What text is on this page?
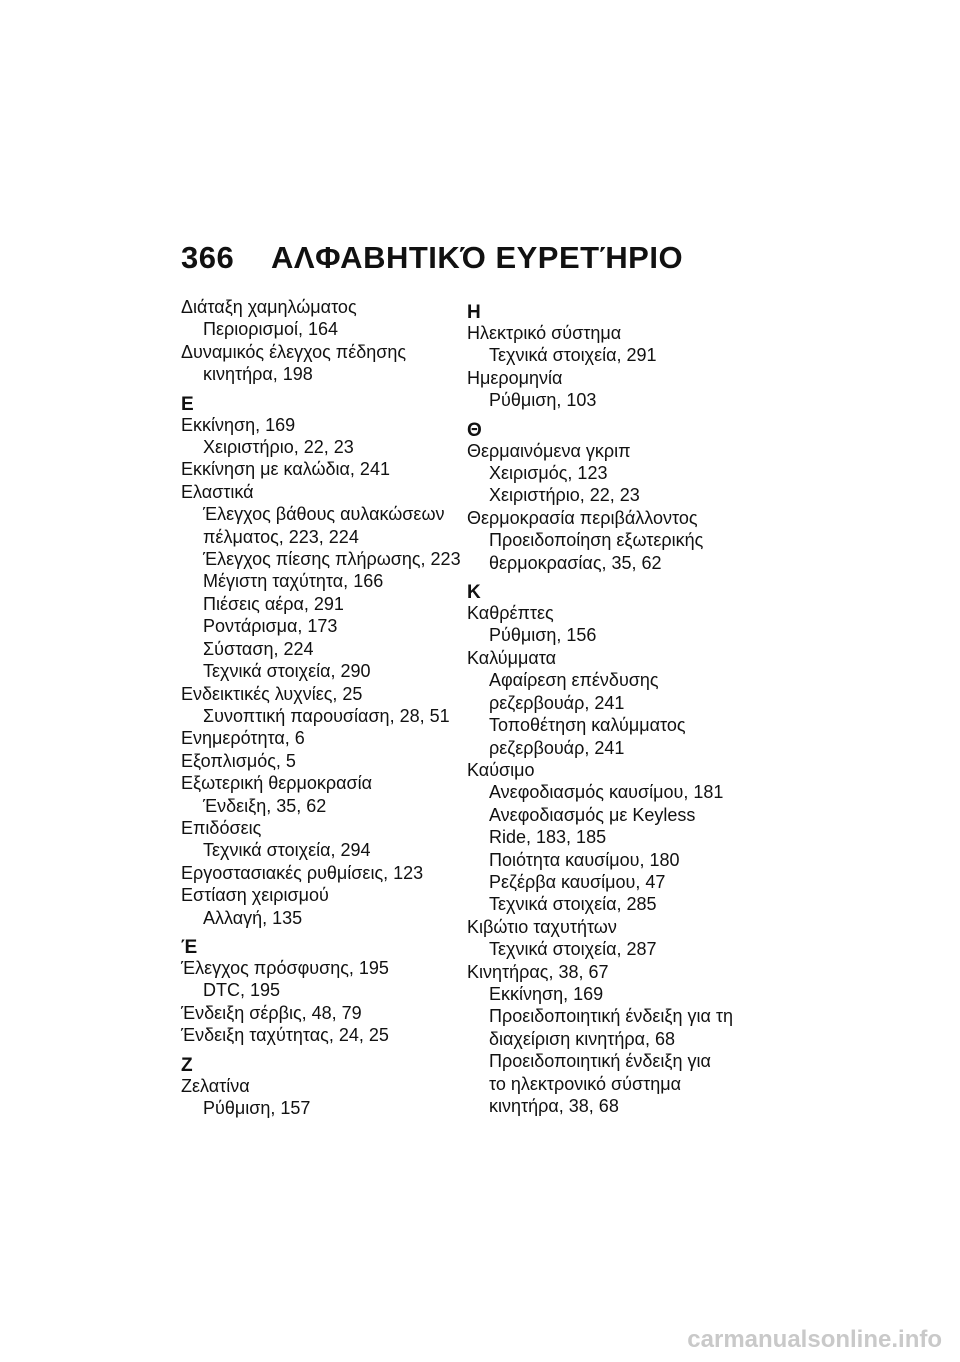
366 ΑΛΦΑΒΗΤΙΚΌ ΕΥΡΕΤΉΡΙΟ
Διάταξη χαμηλώματος
Περιορισμοί, 164
Δυναμικός έλεγχος πέδησης
κινητήρα, 198
Ε
Εκκίνηση, 169
Χειριστήριο, 22, 23
Εκκίνηση με καλώδια, 241
Ελαστικά
Έλεγχος βάθους αυλακώσεων
πέλματος, 223, 224
Έλεγχος πίεσης πλήρωσης, 223
Μέγιστη ταχύτητα, 166
Πιέσεις αέρα, 291
Ροντάρισμα, 173
Σύσταση, 224
Τεχνικά στοιχεία, 290
Ενδεικτικές λυχνίες, 25
Συνοπτική παρουσίαση, 28, 51
Ενημερότητα, 6
Εξοπλισμός, 5
Εξωτερική θερμοκρασία
Ένδειξη, 35, 62
Επιδόσεις
Τεχνικά στοιχεία, 294
Εργοστασιακές ρυθμίσεις, 123
Εστίαση χειρισμού
Αλλαγή, 135
Έ
Έλεγχος πρόσφυσης, 195
DTC, 195
Ένδειξη σέρβις, 48, 79
Ένδειξη ταχύτητας, 24, 25
Ζ
Ζελατίνα
Ρύθμιση, 157
Η
Ηλεκτρικό σύστημα
Τεχνικά στοιχεία, 291
Ημερομηνία
Ρύθμιση, 103
Θ
Θερμαινόμενα γκριπ
Χειρισμός, 123
Χειριστήριο, 22, 23
Θερμοκρασία περιβάλλοντος
Προειδοποίηση εξωτερικής
θερμοκρασίας, 35, 62
Κ
Καθρέπτες
Ρύθμιση, 156
Καλύμματα
Αφαίρεση επένδυσης
ρεζερβουάρ, 241
Τοποθέτηση καλύμματος
ρεζερβουάρ, 241
Καύσιμο
Ανεφοδιασμός καυσίμου, 181
Ανεφοδιασμός με Keyless
Ride, 183, 185
Ποιότητα καυσίμου, 180
Ρεζέρβα καυσίμου, 47
Τεχνικά στοιχεία, 285
Κιβώτιο ταχυτήτων
Τεχνικά στοιχεία, 287
Κινητήρας, 38, 67
Εκκίνηση, 169
Προειδοποιητική ένδειξη για τη
διαχείριση κινητήρα, 68
Προειδοποιητική ένδειξη για
το ηλεκτρονικό σύστημα
κινητήρα, 38, 68
carmanualsonline.info
